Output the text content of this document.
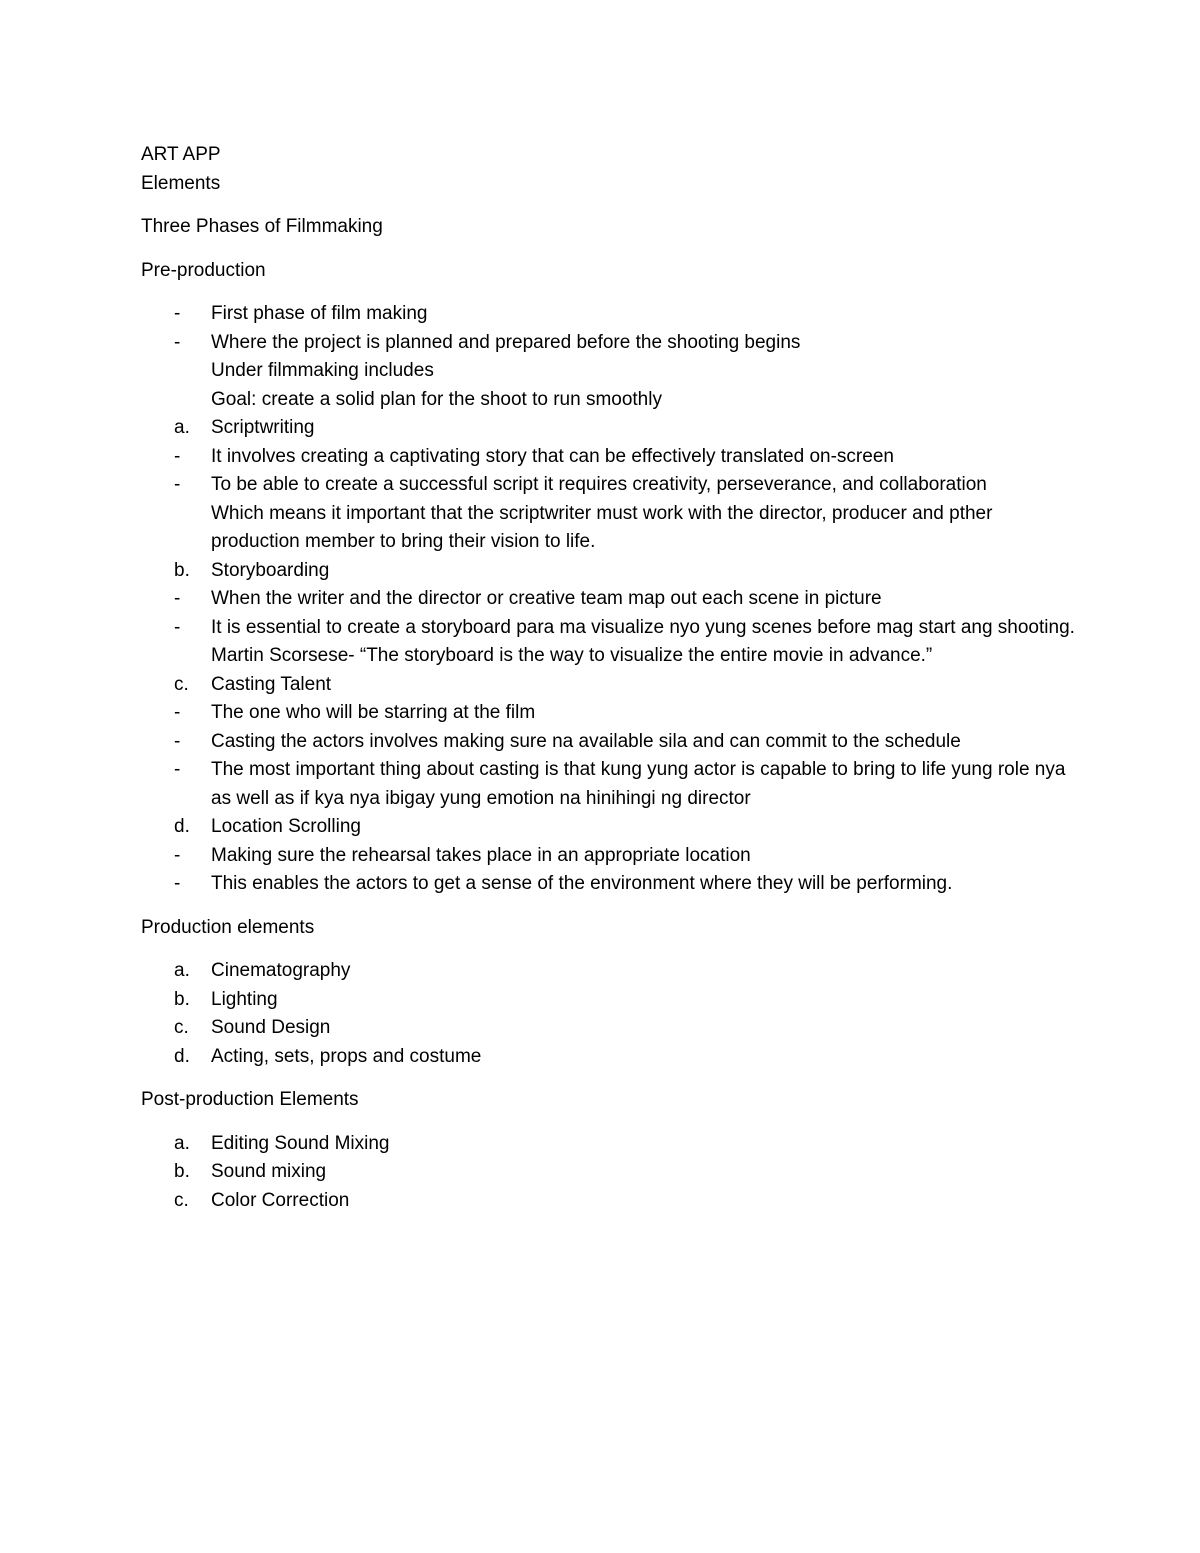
ART APP

Elements

Three Phases of Filmmaking

Pre-production

-	First phase of film making
-	Where the project is planned and prepared before the shooting begins
Under filmmaking includes
Goal: create a solid plan for the shoot to run smoothly
a.	Scriptwriting
-	It involves creating a captivating story that can be effectively translated on-screen
-	To be able to create a successful script it requires creativity, perseverance, and collaboration
Which means it important that the scriptwriter must work with the director, producer and pther production member to bring their vision to life.
b.	Storyboarding
-	When the writer and the director or creative team map out each scene in picture
-	It is essential to create a storyboard para ma visualize nyo yung scenes before mag start ang shooting.
Martin Scorsese- “The storyboard is the way to visualize the entire movie in advance.”
c.	Casting Talent
-	The one who will be starring at the film
-	Casting the actors involves making sure na available sila and can commit to the schedule
-	The most important thing about casting is that kung yung actor is capable to bring to life yung role nya as well as if kya nya ibigay yung emotion na hinihingi ng director
d.	Location Scrolling
-	Making sure the rehearsal takes place in an appropriate location
-	This enables the actors to get a sense of the environment where they will be performing.

Production elements

a.	Cinematography
b.	Lighting
c.	Sound Design
d.	Acting, sets, props and costume

Post-production Elements

a.	Editing Sound Mixing
b.	Sound mixing
c.	Color Correction
